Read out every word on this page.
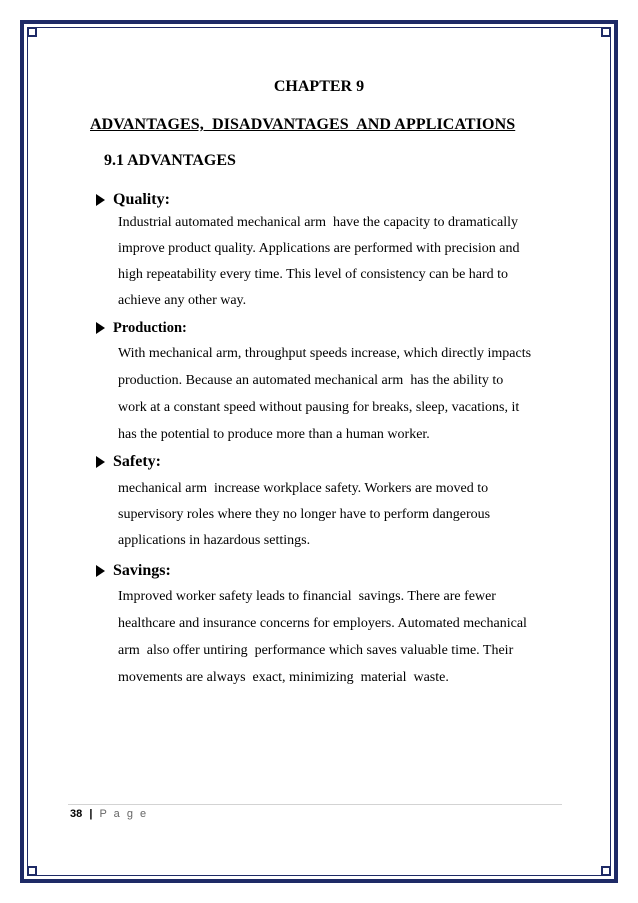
CHAPTER 9
ADVANTAGES,  DISADVANTAGES  AND APPLICATIONS
9.1 ADVANTAGES
Quality:
Industrial automated mechanical arm  have the capacity to dramatically
improve product quality. Applications are performed with precision and
high repeatability every time. This level of consistency can be hard to
achieve any other way.
Production:
With mechanical arm, throughput speeds increase, which directly impacts
production. Because an automated mechanical arm  has the ability to
work at a constant speed without pausing for breaks, sleep, vacations, it
has the potential to produce more than a human worker.
Safety:
mechanical arm  increase workplace safety. Workers are moved to
supervisory roles where they no longer have to perform dangerous
applications in hazardous settings.
Savings:
Improved worker safety leads to financial  savings. There are fewer
healthcare and insurance concerns for employers. Automated mechanical
arm  also offer untiring  performance which saves valuable time. Their
movements are always  exact, minimizing  material  waste.
38 | P a g e
